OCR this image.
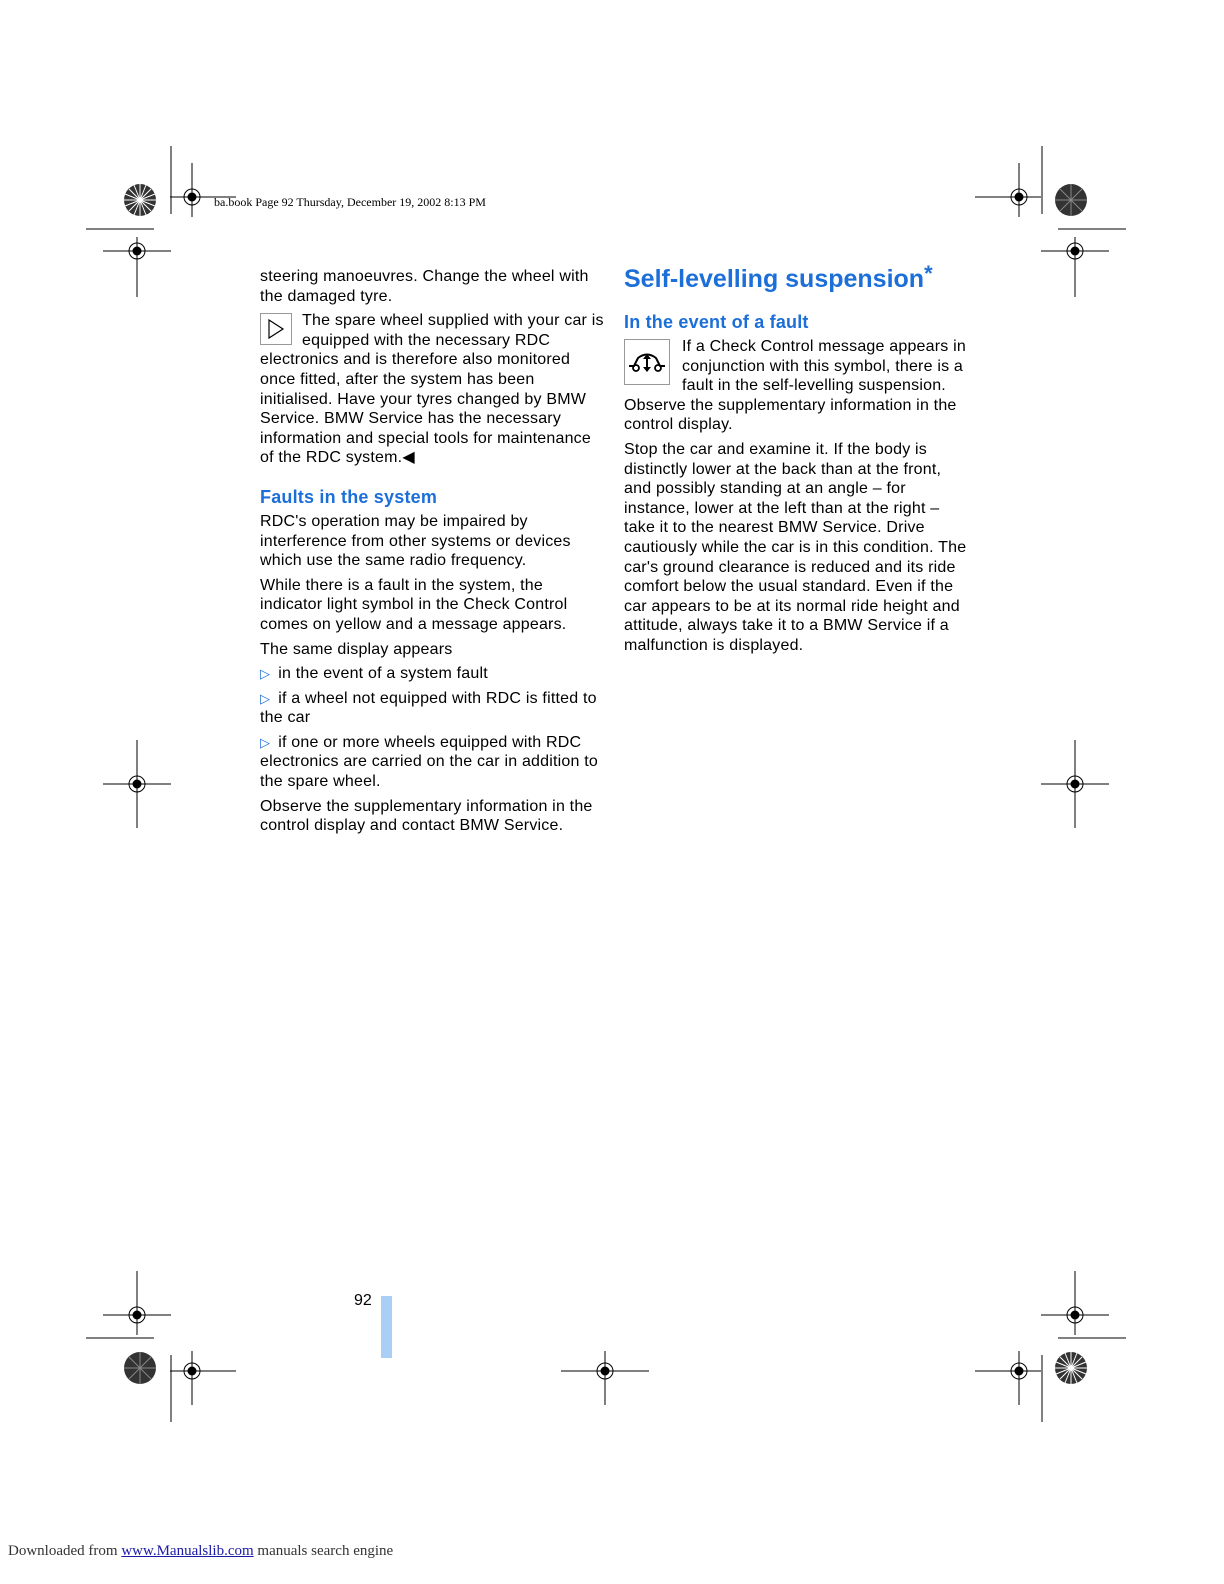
ba.book Page 92 Thursday, December 19, 2002 8:13 PM

steering manoeuvres. Change the wheel with the damaged tyre.

The spare wheel supplied with your car is equipped with the necessary RDC electronics and is therefore also monitored once fitted, after the system has been initialised. Have your tyres changed by BMW Service. BMW Service has the necessary information and special tools for maintenance of the RDC system.◀

Faults in the system

RDC's operation may be impaired by interference from other systems or devices which use the same radio frequency.

While there is a fault in the system, the indicator light symbol in the Check Control comes on yellow and a message appears.

The same display appears

▷ in the event of a system fault

▷ if a wheel not equipped with RDC is fitted to the car

▷ if one or more wheels equipped with RDC electronics are carried on the car in addition to the spare wheel.

Observe the supplementary information in the control display and contact BMW Service.

Self-levelling suspension*
In the event of a fault

If a Check Control message appears in conjunction with this symbol, there is a fault in the self-levelling suspension. Observe the supplementary information in the control display.

Stop the car and examine it. If the body is distinctly lower at the back than at the front, and possibly standing at an angle – for instance, lower at the left than at the right – take it to the nearest BMW Service. Drive cautiously while the car is in this condition. The car's ground clearance is reduced and its ride comfort below the usual standard. Even if the car appears to be at its normal ride height and attitude, always take it to a BMW Service if a malfunction is displayed.

92
Downloaded from www.Manualslib.com manuals search engine
